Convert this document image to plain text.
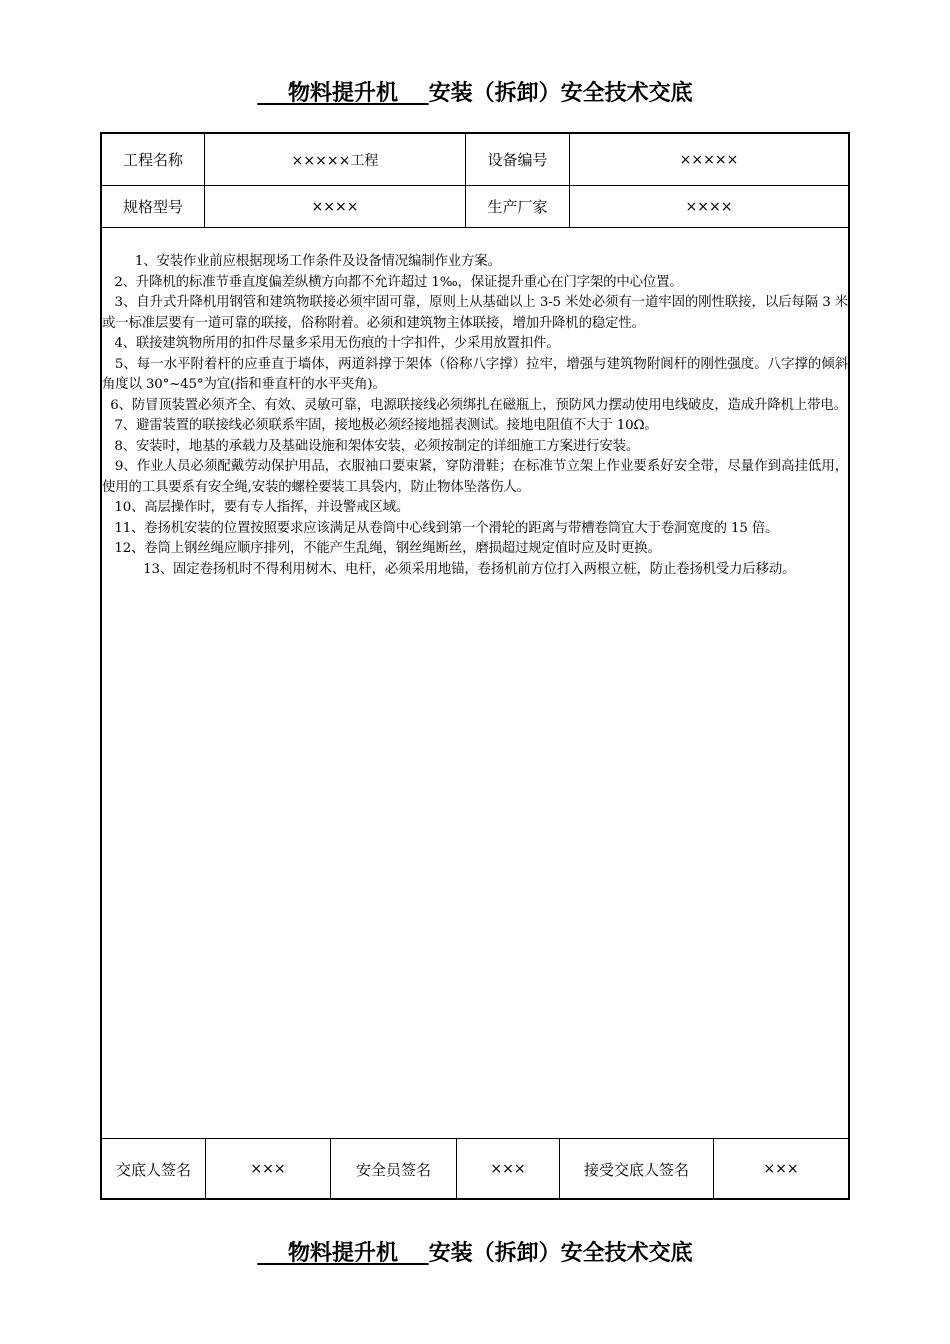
物料提升机    安装（拆卸）安全技术交底
工程名称	×××××工程	设备编号	×××××
规格型号	××××	生产厂家	××××

1、安装作业前应根据现场工作条件及设备情况编制作业方案。

2、升降机的标准节垂直度偏差纵横方向都不允许超过 1‰，保证提升重心在门字架的中心位置。

3、自升式升降机用钢管和建筑物联接必须牢固可靠，原则上从基础以上 3-5 米处必须有一道牢固的刚性联接，以后每隔 3 米或一标准层要有一道可靠的联接，俗称附着。必须和建筑物主体联接，增加升降机的稳定性。

4、联接建筑物所用的扣件尽量多采用无伤痕的十字扣件，少采用放置扣件。

5、每一水平附着杆的应垂直于墙体，两道斜撑于架体（俗称八字撑）拉牢，增强与建筑物附阆杆的刚性强度。八字撑的倾斜角度以 30°~45°为宜(指和垂直杆的水平夹角)。

6、防冒顶装置必须齐全、有效、灵敏可靠，电源联接线必须绑扎在磁瓶上，预防风力摆动使用电线破皮，造成升降机上带电。

7、避雷装置的联接线必须联系牢固，接地极必须经接地摇表测试。接地电阻值不大于 10Ω。

8、安装时，地基的承载力及基础设施和架体安装，必须按制定的详细施工方案进行安装。

9、作业人员必须配戴劳动保护用品，衣服袖口要束紧，穿防滑鞋；在标准节立架上作业要系好安全带，尽量作到高挂低用，使用的工具要系有安全绳,安装的螺栓要装工具袋内，防止物体坠落伤人。

10、高层操作时，要有专人指挥，并设警戒区域。

11、卷扬机安装的位置按照要求应该满足从卷筒中心线到第一个滑轮的距离与带槽卷筒宜大于卷洞宽度的 15 倍。

12、卷筒上钢丝绳应顺序排列，不能产生乱绳，钢丝绳断丝，磨损超过规定值时应及时更换。

13、固定卷扬机时不得利用树木、电杆，必须采用地锚，卷扬机前方位打入两根立桩，防止卷扬机受力后移动。

交底人签名	×××	安全员签名	×××	接受交底人签名	×××
物料提升机    安装（拆卸）安全技术交底
